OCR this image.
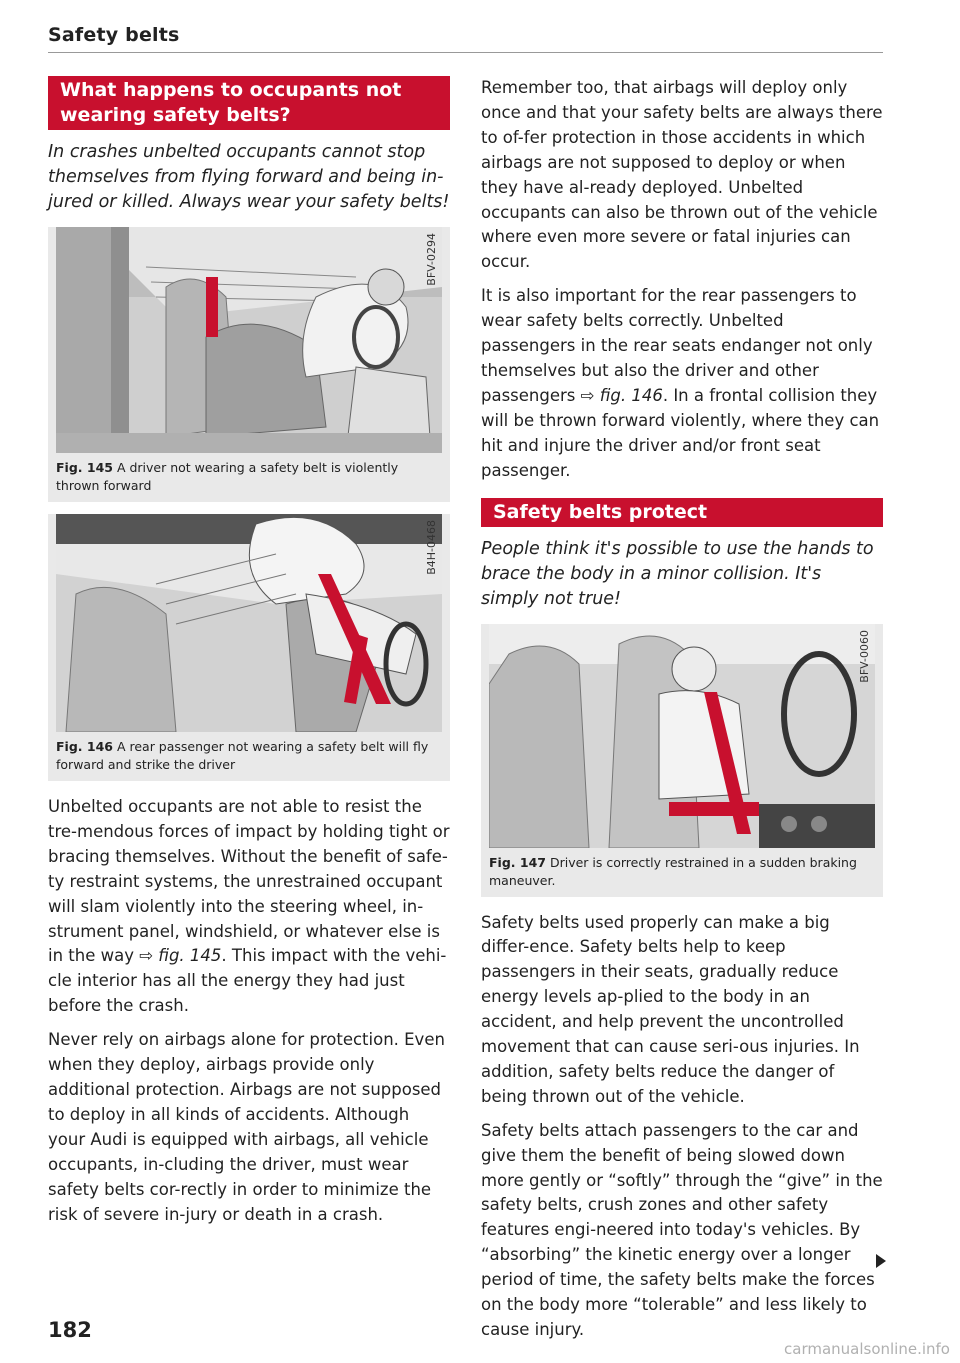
Safety belts
What happens to occupants not wearing safety belts?
In crashes unbelted occupants cannot stop themselves from flying forward and being in-jured or killed. Always wear your safety belts!
BFV-0294
Fig. 145 A driver not wearing a safety belt is violently thrown forward
B4H-0468
Fig. 146 A rear passenger not wearing a safety belt will fly forward and strike the driver

Unbelted occupants are not able to resist the tre-mendous forces of impact by holding tight or bracing themselves. Without the benefit of safe-ty restraint systems, the unrestrained occupant will slam violently into the steering wheel, in-strument panel, windshield, or whatever else is in the way ⇨ fig. 145. This impact with the vehi-cle interior has all the energy they had just before the crash.

Never rely on airbags alone for protection. Even when they deploy, airbags provide only additional protection. Airbags are not supposed to deploy in all kinds of accidents. Although your Audi is equipped with airbags, all vehicle occupants, in-cluding the driver, must wear safety belts cor-rectly in order to minimize the risk of severe in-jury or death in a crash.

Remember too, that airbags will deploy only once and that your safety belts are always there to of-fer protection in those accidents in which airbags are not supposed to deploy or when they have al-ready deployed. Unbelted occupants can also be thrown out of the vehicle where even more severe or fatal injuries can occur.

It is also important for the rear passengers to wear safety belts correctly. Unbelted passengers in the rear seats endanger not only themselves but also the driver and other passengers ⇨ fig. 146. In a frontal collision they will be thrown forward violently, where they can hit and injure the driver and/or front seat passenger.

Safety belts protect
People think it's possible to use the hands to brace the body in a minor collision. It's simply not true!
BFV-0060
Fig. 147 Driver is correctly restrained in a sudden braking maneuver.

Safety belts used properly can make a big differ-ence. Safety belts help to keep passengers in their seats, gradually reduce energy levels ap-plied to the body in an accident, and help prevent the uncontrolled movement that can cause seri-ous injuries. In addition, safety belts reduce the danger of being thrown out of the vehicle.

Safety belts attach passengers to the car and give them the benefit of being slowed down more gently or “softly” through the “give” in the safety belts, crush zones and other safety features engi-neered into today's vehicles. By “absorbing” the kinetic energy over a longer period of time, the safety belts make the forces on the body more “tolerable” and less likely to cause injury.

182
carmanualsonline.info
